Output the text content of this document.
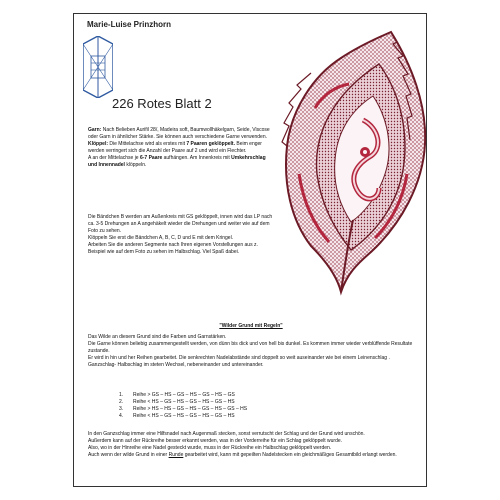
Marie-Luise Prinzhorn
226 Rotes Blatt 2
Garn: Nach Belieben Aurifil 28/, Madeira soft, Baumwollhäkelgarn, Seide, Viscose oder Garn in ähnlicher Stärke. Sie können auch verschiedene Garne verwenden.
Klöppel: Die Mittelachse wird als erstes mit 7 Paaren geklöppelt. Beim enger werden verringert sich die Anzahl der Paare auf 2 und wird ein Flechter.
A an der Mittelachse je 6-7 Paare aufhängen. Am Innenkreis mit Umkehrschlag und Innennadel klöppeln.
Die Bändchen B werden am Außenkreis mit GS geklöppelt, innen wird das LP nach ca. 3-5 Drehungen an A angehäkelt wieder die Drehungen und weiter wie auf dem Foto zu sehen.
Klöppeln Sie erst die Bändchen A, B, C, D und E mit dem Kringel.
Arbeiten Sie die anderen Segmente nach Ihren eigenen Vorstellungen aus z. Beispiel wie auf dem Foto zu sehen im Halbschlag. Viel Spaß dabei.
"Wilder Grund mit Regeln"
Das Wilde an diesem Grund sind die Farben und Garnstärken.
Die Garne können beliebig zusammengestellt werden, von dünn bis dick und von hell bis dunkel. Es kommen immer wieder verblüffende Resultate zustande.
Er wird in hin und her Reihen gearbeitet. Die senkrechten Nadelabstände sind doppelt so weit auseinander wie bei einem Leinenschlag .
Ganzschlag- Halbschlag im steten Wechsel, nebeneinander und untereinander.
1. Reihe > GS – HS – GS – HS – GS – HS – GS
2. Reihe < HS – GS – HS – GS – HS – GS – HS
3. Reihe > HS – HS – GS – HS – GS – HS – GS – HS
4. Reihe < HS – GS – HS – GS – HS – GS – HS
In den Ganzschlag immer eine Hilfsnadel nach Augenmaß stecken, sonst verrutscht der Schlag und der Grund wird unschön.
Außerdem kann auf der Rückreihe besser erkannt werden, was in der Vorderreihe für ein Schlag geklöppelt wurde.
Also, wo in der Hinreihe eine Nadel gesteckt wurde, muss in der Rückreihe ein Halbschlag geklöppelt werden.
Auch wenn der wilde Grund in einer Runde gearbeitet wird, kann mit gepeilten Nadelstecken ein gleichmäßiges Gesamtbild erlangt werden.
